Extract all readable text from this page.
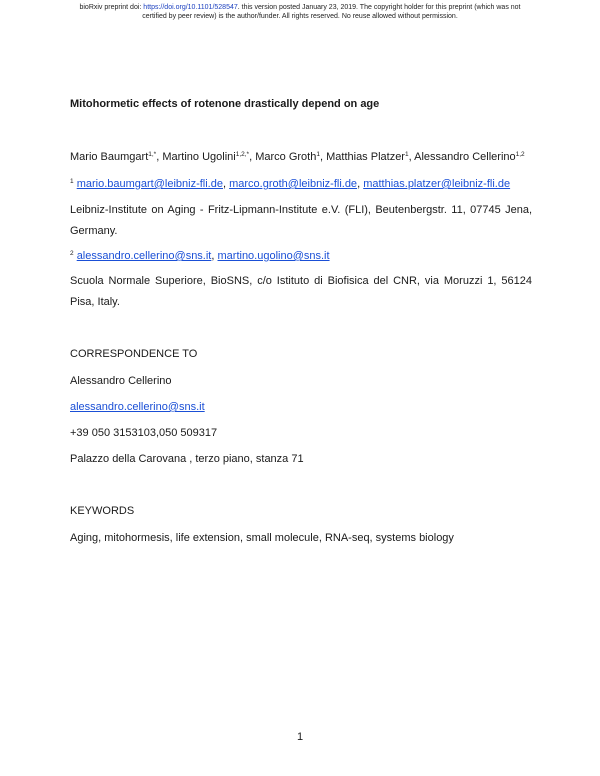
bioRxiv preprint doi: https://doi.org/10.1101/528547. this version posted January 23, 2019. The copyright holder for this preprint (which was not
certified by peer review) is the author/funder. All rights reserved. No reuse allowed without permission.
Mitohormetic effects of rotenone drastically depend on age
Mario Baumgart$^{1,*}$, Martino Ugolini$^{1,2,*}$, Marco Groth$^1$, Matthias Platzer$^1$, Alessandro Cellerino$^{1,2}$
$^1$ mario.baumgart@leibniz-fli.de, marco.groth@leibniz-fli.de, matthias.platzer@leibniz-fli.de
Leibniz-Institute on Aging - Fritz-Lipmann-Institute e.V. (FLI), Beutenbergstr. 11, 07745 Jena, Germany.
$^2$ alessandro.cellerino@sns.it, martino.ugolino@sns.it
Scuola Normale Superiore, BioSNS, c/o Istituto di Biofisica del CNR, via Moruzzi 1, 56124 Pisa, Italy.
CORRESPONDENCE TO
Alessandro Cellerino
alessandro.cellerino@sns.it
+39 050 3153103,050 509317
Palazzo della Carovana , terzo piano, stanza 71
KEYWORDS
Aging, mitohormesis, life extension, small molecule, RNA-seq, systems biology
1
